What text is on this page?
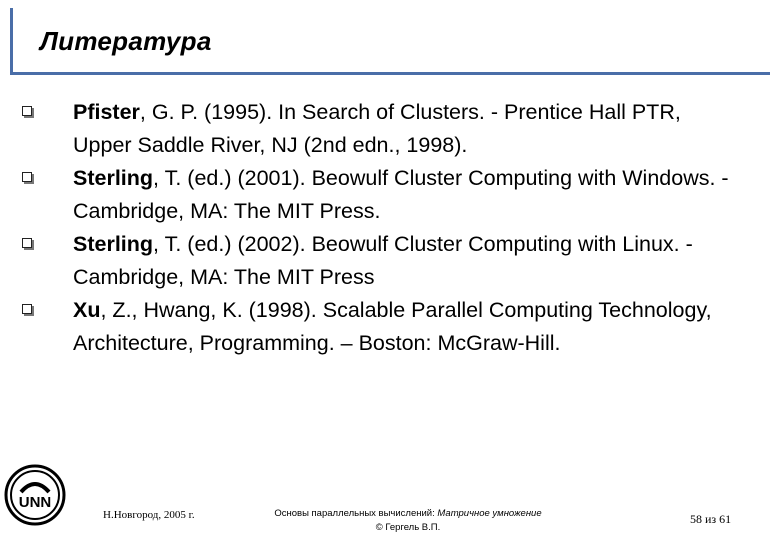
Литература
Pfister, G. P. (1995). In Search of Clusters. - Prentice Hall PTR, Upper Saddle River, NJ (2nd edn., 1998).
Sterling, T. (ed.) (2001). Beowulf Cluster Computing with Windows. - Cambridge, MA: The MIT Press.
Sterling, T. (ed.) (2002). Beowulf Cluster Computing with Linux. - Cambridge, MA: The MIT Press
Xu, Z., Hwang, K. (1998). Scalable Parallel Computing Technology, Architecture, Programming. – Boston: McGraw-Hill.
UNN
Н.Новгород, 2005 г.	Основы параллельных вычислений: Матричное умножение
© Гергель В.П.
58 из 61
